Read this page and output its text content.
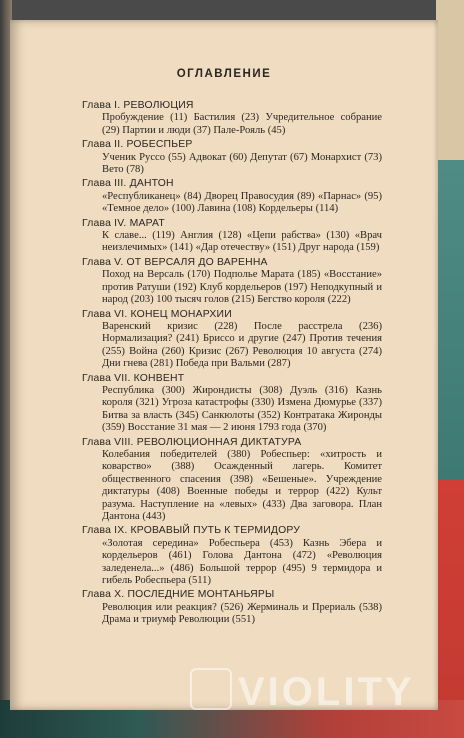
ОГЛАВЛЕНИЕ
Глава I. РЕВОЛЮЦИЯ
Пробуждение (11) Бастилия (23) Учредительное собрание (29) Партии и люди (37) Пале-Рояль (45)
Глава II. РОБЕСПЬЕР
Ученик Руссо (55) Адвокат (60) Депутат (67) Монархист (73) Вето (78)
Глава III. ДАНТОН
«Республиканец» (84) Дворец Правосудия (89) «Парнас» (95) «Темное дело» (100) Лавина (108) Кордельеры (114)
Глава IV. МАРАТ
К славе... (119) Англия (128) «Цепи рабства» (130) «Врач неизлечимых» (141) «Дар отечеству» (151) Друг народа (159)
Глава V. ОТ ВЕРСАЛЯ ДО ВАРЕННА
Поход на Версаль (170) Подполье Марата (185) «Восстание» против Ратуши (192) Клуб кордельеров (197) Неподкупный и народ (203) 100 тысяч голов (215) Бегство короля (222)
Глава VI. КОНЕЦ МОНАРХИИ
Варенский кризис (228) После расстрела (236) Нормализация? (241) Бриссо и другие (247) Против течения (255) Война (260) Кризис (267) Революция 10 августа (274) Дни гнева (281) Победа при Вальми (287)
Глава VII. КОНВЕНТ
Республика (300) Жирондисты (308) Дуэль (316) Казнь короля (321) Угроза катастрофы (330) Измена Дюмурье (337) Битва за власть (345) Санкюлоты (352) Контратака Жиронды (359) Восстание 31 мая — 2 июня 1793 года (370)
Глава VIII. РЕВОЛЮЦИОННАЯ ДИКТАТУРА
Колебания победителей (380) Робеспьер: «хитрость и коварство» (388) Осажденный лагерь. Комитет общественного спасения (398) «Бешеные». Учреждение диктатуры (408) Военные победы и террор (422) Культ разума. Наступление на «левых» (433) Два заговора. План Дантона (443)
Глава IX. КРОВАВЫЙ ПУТЬ К ТЕРМИДОРУ
«Золотая середина» Робеспьера (453) Казнь Эбера и кордельеров (461) Голова Дантона (472) «Революция заледенела...» (486) Большой террор (495) 9 термидора и гибель Робеспьера (511)
Глава X. ПОСЛЕДНИЕ МОНТАНЬЯРЫ
Революция или реакция? (526) Жерминаль и Прериаль (538) Драма и триумф Революции (551)
VIOLITY
